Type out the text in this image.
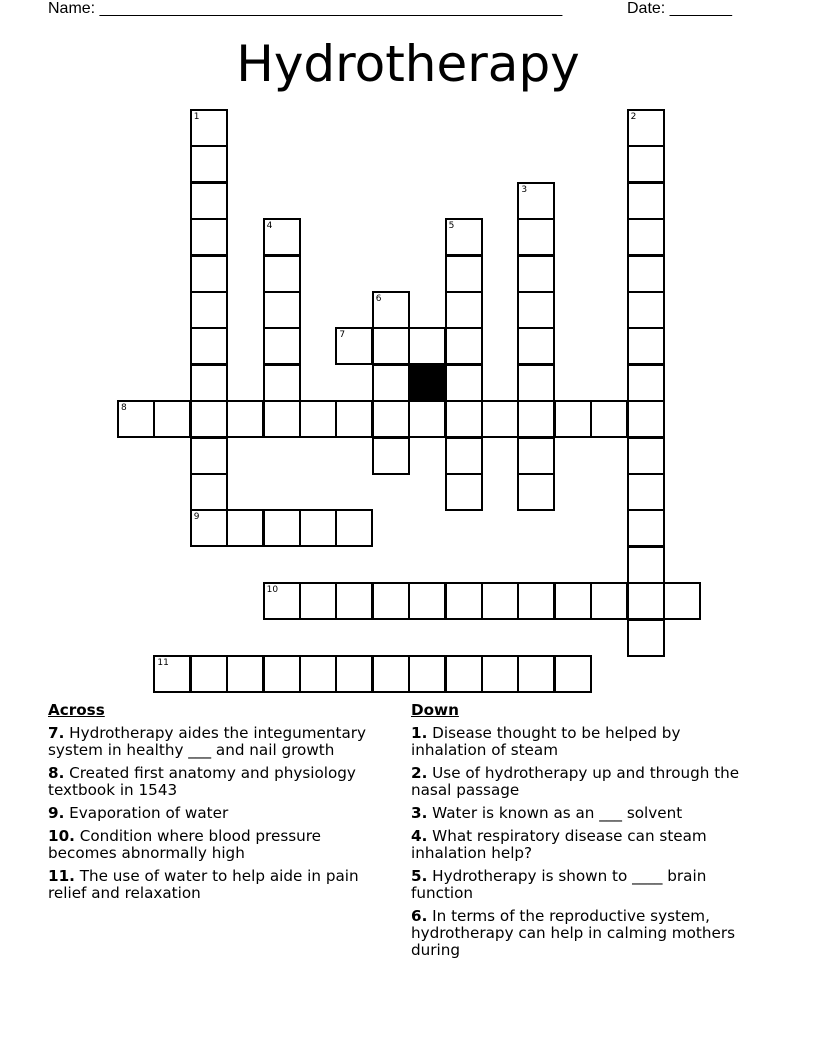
Name: ____________________________________________________	Date: _______
Hydrotherapy
1
9
2
3
4	5
6
7
8
10
11
Across
7. Hydrotherapy aides the integumentary system in healthy ___ and nail growth
8. Created first anatomy and physiology textbook in 1543
9. Evaporation of water
10. Condition where blood pressure becomes abnormally high
11. The use of water to help aide in pain relief and relaxation
Down
1. Disease thought to be helped by inhalation of steam
2. Use of hydrotherapy up and through the nasal passage
3. Water is known as an ___ solvent
4. What respiratory disease can steam inhalation help?
5. Hydrotherapy is shown to ____ brain function
6. In terms of the reproductive system, hydrotherapy can help in calming mothers during
